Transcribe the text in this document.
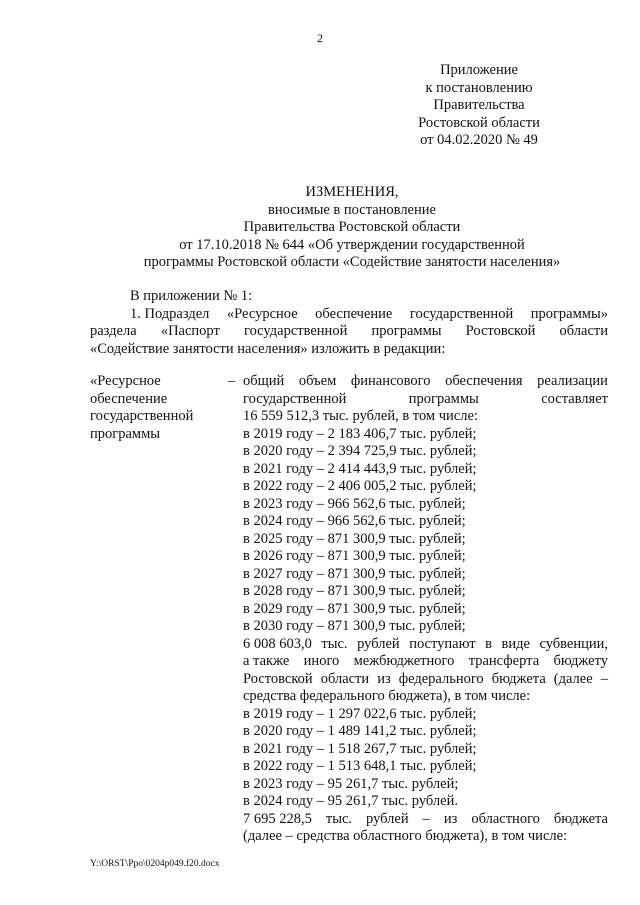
2
Приложение
к постановлению
Правительства
Ростовской области
от 04.02.2020 № 49
ИЗМЕНЕНИЯ,
вносимые в постановление
Правительства Ростовской области
от 17.10.2018 № 644 «Об утверждении государственной
программы Ростовской области «Содействие занятости населения»
В приложении № 1:
1. Подраздел «Ресурсное обеспечение государственной программы»
раздела «Паспорт государственной программы Ростовской области
«Содействие занятости населения» изложить в редакции:
«Ресурсное
обеспечение
государственной
программы
– общий объем финансового обеспечения реализации
государственной	программы	составляет
16 559 512,3 тыс. рублей, в том числе:
в 2019 году – 2 183 406,7 тыс. рублей;
в 2020 году – 2 394 725,9 тыс. рублей;
в 2021 году – 2 414 443,9 тыс. рублей;
в 2022 году – 2 406 005,2 тыс. рублей;
в 2023 году – 966 562,6 тыс. рублей;
в 2024 году – 966 562,6 тыс. рублей;
в 2025 году – 871 300,9 тыс. рублей;
в 2026 году – 871 300,9 тыс. рублей;
в 2027 году – 871 300,9 тыс. рублей;
в 2028 году – 871 300,9 тыс. рублей;
в 2029 году – 871 300,9 тыс. рублей;
в 2030 году – 871 300,9 тыс. рублей;
6 008 603,0 тыс. рублей поступают в виде субвенции,
а также иного межбюджетного трансферта бюджету
Ростовской области из федерального бюджета (далее –
средства федерального бюджета), в том числе:
в 2019 году – 1 297 022,6 тыс. рублей;
в 2020 году – 1 489 141,2 тыс. рублей;
в 2021 году – 1 518 267,7 тыс. рублей;
в 2022 году – 1 513 648,1 тыс. рублей;
в 2023 году – 95 261,7 тыс. рублей;
в 2024 году – 95 261,7 тыс. рублей.
7 695 228,5 тыс. рублей – из областного бюджета
(далее – средства областного бюджета), в том числе:
Y:\ORST\Ppo\0204p049.f20.docx
